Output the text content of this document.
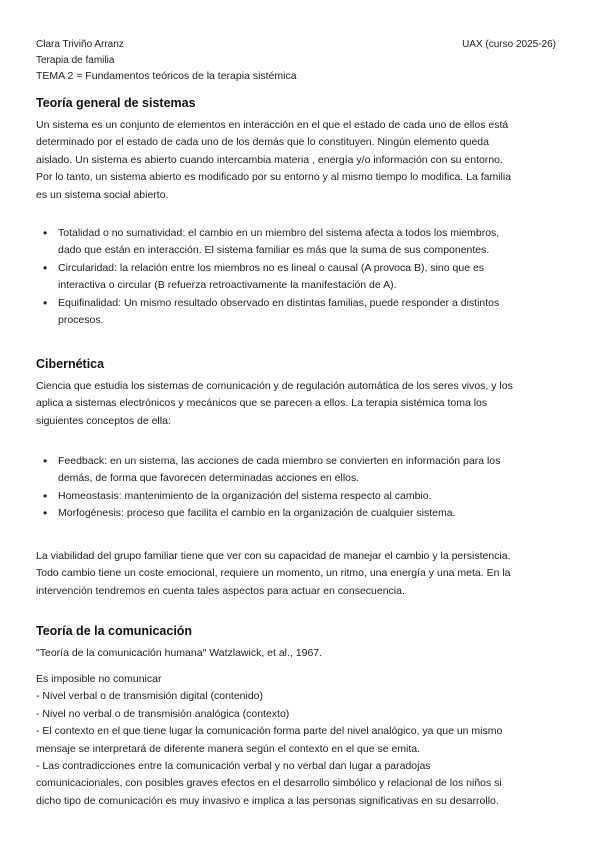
Clara Triviño Arranz
Terapia de familia
TEMA 2 = Fundamentos teóricos de la terapia sistémica
UAX (curso 2025-26)
Teoría general de sistemas
Un sistema es un conjunto de elementos en interacción en el que el estado de cada uno de ellos está
determinado por el estado de cada uno de los demás que lo constituyen. Ningún elemento queda
aislado. Un sistema es abierto cuando intercambia materia , energía y/o información con su entorno.
Por lo tanto, un sistema abierto es modificado por su entorno y al mismo tiempo lo modifica. La familia
es un sistema social abierto.
• Totalidad o no sumatividad: el cambio en un miembro del sistema afecta a todos los miembros,
dado que están en interacción. El sistema familiar es más que la suma de sus componentes.
• Circularidad: la relación entre los miembros no es lineal o causal (A provoca B), sino que es
interactiva o circular (B refuerza retroactivamente la manifestación de A).
• Equifinalidad: Un mismo resultado observado en distintas familias, puede responder a distintos
procesos.
Cibernética
Ciencia que estudia los sistemas de comunicación y de regulación automática de los seres vivos, y los
aplica a sistemas electrónicos y mecánicos que se parecen a ellos. La terapia sistémica toma los
siguientes conceptos de ella:
• Feedback: en un sistema, las acciones de cada miembro se convierten en información para los
demás, de forma que favorecen determinadas acciones en ellos.
• Homeostasis: mantenimiento de la organización del sistema respecto al cambio.
• Morfogénesis: proceso que facilita el cambio en la organización de cualquier sistema.
La viabilidad del grupo familiar tiene que ver con su capacidad de manejar el cambio y la persistencia.
Todo cambio tiene un coste emocional, requiere un momento, un ritmo, una energía y una meta. En la
intervención tendremos en cuenta tales aspectos para actuar en consecuencia.
Teoría de la comunicación
"Teoría de la comunicación humana" Watzlawick, et al., 1967.
Es imposible no comunicar
- Nivel verbal o de transmisión digital (contenido)
- Nivel no verbal o de transmisión analógica (contexto)
- El contexto en el que tiene lugar la comunicación forma parte del nivel analógico, ya que un mismo
mensaje se interpretará de diferente manera según el contexto en el que se emita.
- Las contradicciones entre la comunicación verbal y no verbal dan lugar a paradojas
comunicacionales, con posibles graves efectos en el desarrollo simbólico y relacional de los niños si
dicho tipo de comunicación es muy invasivo e implica a las personas significativas en su desarrollo.
